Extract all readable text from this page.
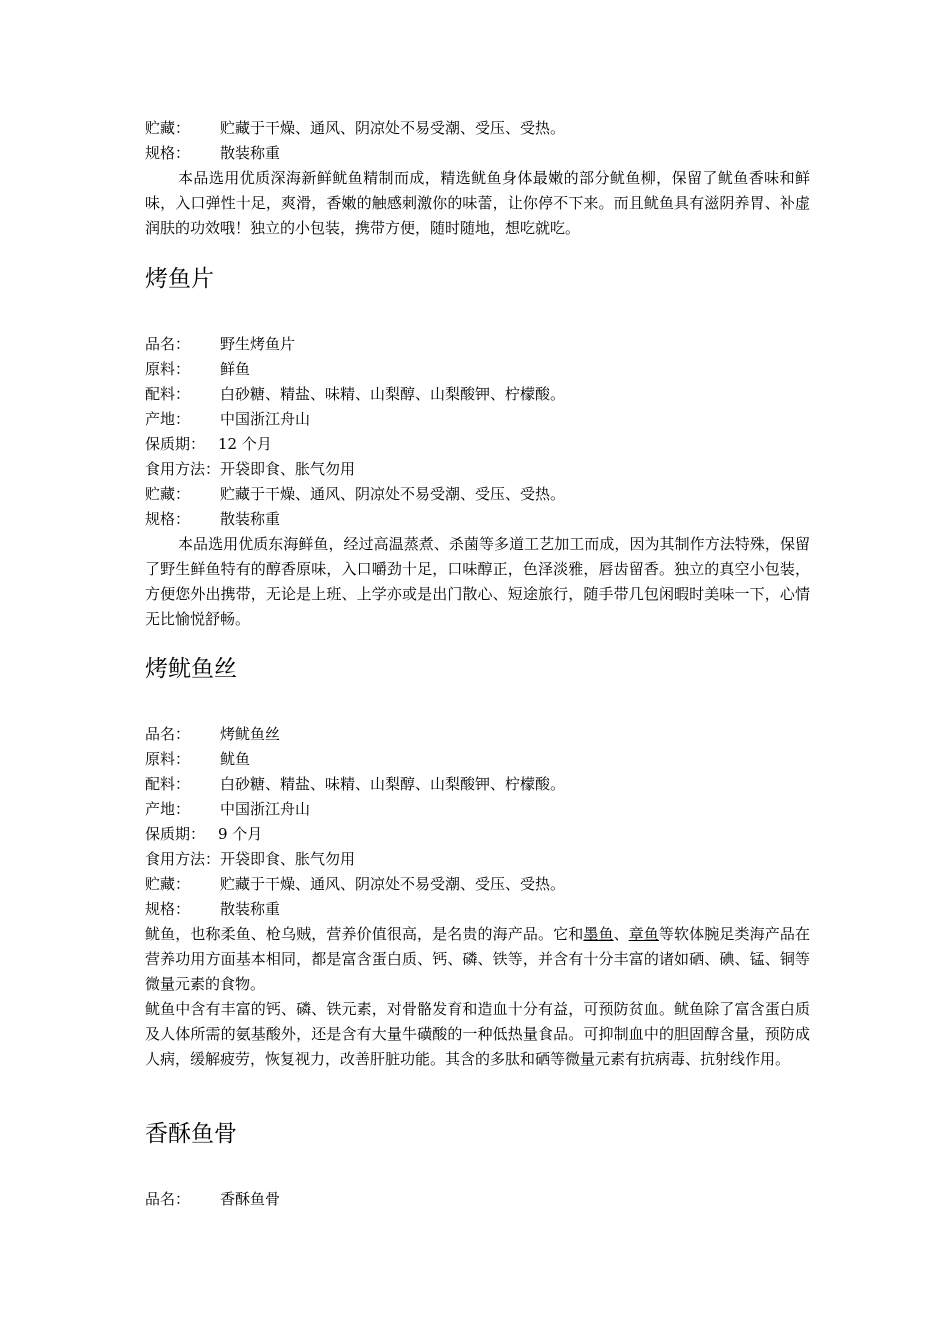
贮藏： 贮藏于干燥、通风、阴凉处不易受潮、受压、受热。
规格： 散装称重
本品选用优质深海新鲜鱿鱼精制而成，精选鱿鱼身体最嫩的部分鱿鱼柳，保留了鱿鱼香味和鲜味，入口弹性十足，爽滑，香嫩的触感刺激你的味蕾，让你停不下来。而且鱿鱼具有滋阴养胃、补虚润肤的功效哦！独立的小包装，携带方便，随时随地，想吃就吃。
烤鱼片
品名： 野生烤鱼片
原料： 鲜鱼
配料： 白砂糖、精盐、味精、山梨醇、山梨酸钾、柠檬酸。
产地： 中国浙江舟山
保质期： 12 个月
食用方法：开袋即食、胀气勿用
贮藏： 贮藏于干燥、通风、阴凉处不易受潮、受压、受热。
规格： 散装称重
本品选用优质东海鲜鱼，经过高温蒸煮、杀菌等多道工艺加工而成，因为其制作方法特殊，保留了野生鲜鱼特有的醇香原味，入口嚼劲十足，口味醇正，色泽淡雅，唇齿留香。独立的真空小包装，方便您外出携带，无论是上班、上学亦或是出门散心、短途旅行，随手带几包闲暇时美味一下，心情无比愉悦舒畅。
烤鱿鱼丝
品名： 烤鱿鱼丝
原料： 鱿鱼
配料： 白砂糖、精盐、味精、山梨醇、山梨酸钾、柠檬酸。
产地： 中国浙江舟山
保质期： 9 个月
食用方法：开袋即食、胀气勿用
贮藏： 贮藏于干燥、通风、阴凉处不易受潮、受压、受热。
规格： 散装称重
鱿鱼，也称柔鱼、枪乌贼，营养价值很高，是名贵的海产品。它和墨鱼、章鱼等软体腕足类海产品在营养功用方面基本相同，都是富含蛋白质、钙、磷、铁等，并含有十分丰富的诸如硒、碘、锰、铜等微量元素的食物。
鱿鱼中含有丰富的钙、磷、铁元素，对骨骼发育和造血十分有益，可预防贫血。鱿鱼除了富含蛋白质及人体所需的氨基酸外，还是含有大量牛磺酸的一种低热量食品。可抑制血中的胆固醇含量，预防成人病，缓解疲劳，恢复视力，改善肝脏功能。其含的多肽和硒等微量元素有抗病毒、抗射线作用。
香酥鱼骨
品名： 香酥鱼骨
